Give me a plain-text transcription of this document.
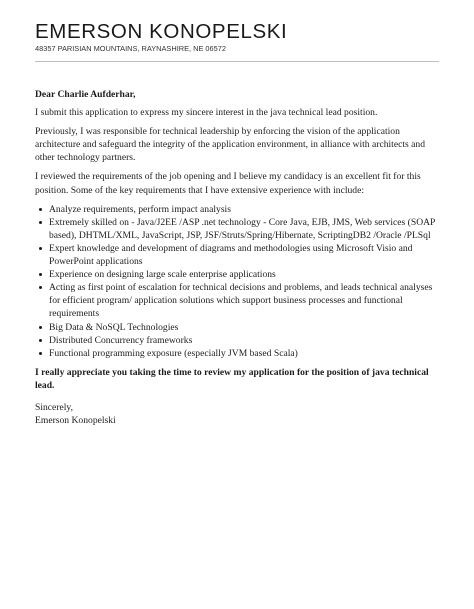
EMERSON KONOPELSKI
48357 PARISIAN MOUNTAINS, RAYNASHIRE, NE 06572

Dear Charlie Aufderhar,

I submit this application to express my sincere interest in the java technical lead position.

Previously, I was responsible for technical leadership by enforcing the vision of the application architecture and safeguard the integrity of the application environment, in alliance with architects and other technology partners.

I reviewed the requirements of the job opening and I believe my candidacy is an excellent fit for this position. Some of the key requirements that I have extensive experience with include:

Analyze requirements, perform impact analysis
Extremely skilled on - Java/J2EE /ASP .net technology - Core Java, EJB, JMS, Web services (SOAP based), DHTML/XML, JavaScript, JSP, JSF/Struts/Spring/Hibernate, ScriptingDB2 /Oracle /PLSql
Expert knowledge and development of diagrams and methodologies using Microsoft Visio and PowerPoint applications
Experience on designing large scale enterprise applications
Acting as first point of escalation for technical decisions and problems, and leads technical analyses for efficient program/ application solutions which support business processes and functional requirements
Big Data & NoSQL Technologies
Distributed Concurrency frameworks
Functional programming exposure (especially JVM based Scala)

I really appreciate you taking the time to review my application for the position of java technical lead.

Sincerely,

Emerson Konopelski
